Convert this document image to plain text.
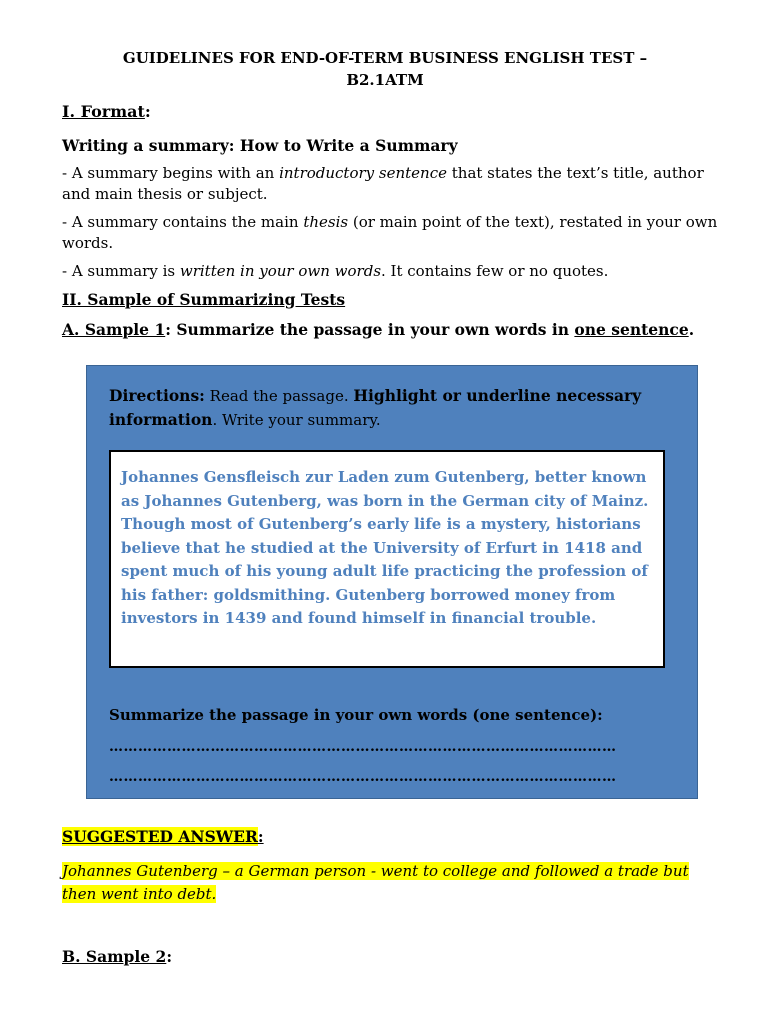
GUIDELINES FOR END-OF-TERM BUSINESS ENGLISH TEST –
B2.1ATM
I. Format:
Writing a summary: How to Write a Summary
- A summary begins with an introductory sentence that states the text’s title, author and main thesis or subject.
- A summary contains the main thesis (or main point of the text), restated in your own words.
- A summary is written in your own words. It contains few or no quotes.
II. Sample of Summarizing Tests
A. Sample 1: Summarize the passage in your own words in one sentence.
Directions: Read the passage. Highlight or underline necessary information. Write your summary.
Johannes Gensfleisch zur Laden zum Gutenberg, better known as Johannes Gutenberg, was born in the German city of Mainz. Though most of Gutenberg’s early life is a mystery, historians believe that he studied at the University of Erfurt in 1418 and spent much of his young adult life practicing the profession of his father: goldsmithing. Gutenberg borrowed money from investors in 1439 and found himself in financial trouble.
Summarize the passage in your own words (one sentence):
……………………………………………………………………………………………
……………………………………………………………………………………………
SUGGESTED ANSWER:
Johannes Gutenberg – a German person - went to college and followed a trade but then went into debt.
B. Sample 2:
